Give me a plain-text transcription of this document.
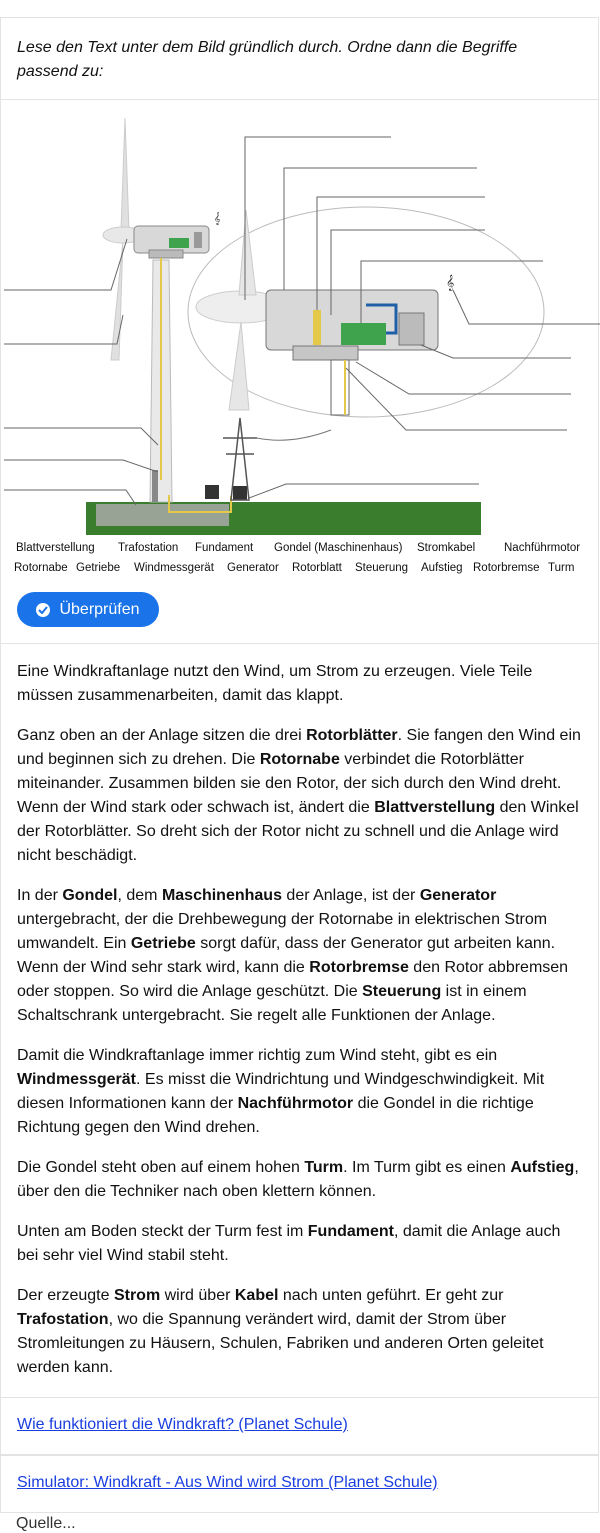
Lese den Text unter dem Bild gründlich durch. Ordne dann die Begriffe passend zu:
𝄞
𝄞
Blattverstellung Trafostation Fundament Gondel (Maschinenhaus) Stromkabel	Nachführmotor
Rotornabe Getriebe Windmessgerät Generator Rotorblatt Steuerung Aufstieg Rotorbremse Turm
Überprüfen

Eine Windkraftanlage nutzt den Wind, um Strom zu erzeugen. Viele Teile müssen zusammenarbeiten, damit das klappt.

Ganz oben an der Anlage sitzen die drei Rotorblätter. Sie fangen den Wind ein und beginnen sich zu drehen. Die Rotornabe verbindet die Rotorblätter miteinander. Zusammen bilden sie den Rotor, der sich durch den Wind dreht. Wenn der Wind stark oder schwach ist, ändert die Blattverstellung den Winkel der Rotorblätter. So dreht sich der Rotor nicht zu schnell und die Anlage wird nicht beschädigt.

In der Gondel, dem Maschinenhaus der Anlage, ist der Generator untergebracht, der die Drehbewegung der Rotornabe in elektrischen Strom umwandelt. Ein Getriebe sorgt dafür, dass der Generator gut arbeiten kann. Wenn der Wind sehr stark wird, kann die Rotorbremse den Rotor abbremsen oder stoppen. So wird die Anlage geschützt. Die Steuerung ist in einem Schaltschrank untergebracht. Sie regelt alle Funktionen der Anlage.

Damit die Windkraftanlage immer richtig zum Wind steht, gibt es ein Windmessgerät. Es misst die Windrichtung und Windgeschwindigkeit. Mit diesen Informationen kann der Nachführmotor die Gondel in die richtige Richtung gegen den Wind drehen.

Die Gondel steht oben auf einem hohen Turm. Im Turm gibt es einen Aufstieg, über den die Techniker nach oben klettern können.

Unten am Boden steckt der Turm fest im Fundament, damit die Anlage auch bei sehr viel Wind stabil steht.

Der erzeugte Strom wird über Kabel nach unten geführt. Er geht zur Trafostation, wo die Spannung verändert wird, damit der Strom über Stromleitungen zu Häusern, Schulen, Fabriken und anderen Orten geleitet werden kann.

Wie funktioniert die Windkraft? (Planet Schule)
Simulator: Windkraft - Aus Wind wird Strom (Planet Schule)
Quelle...
